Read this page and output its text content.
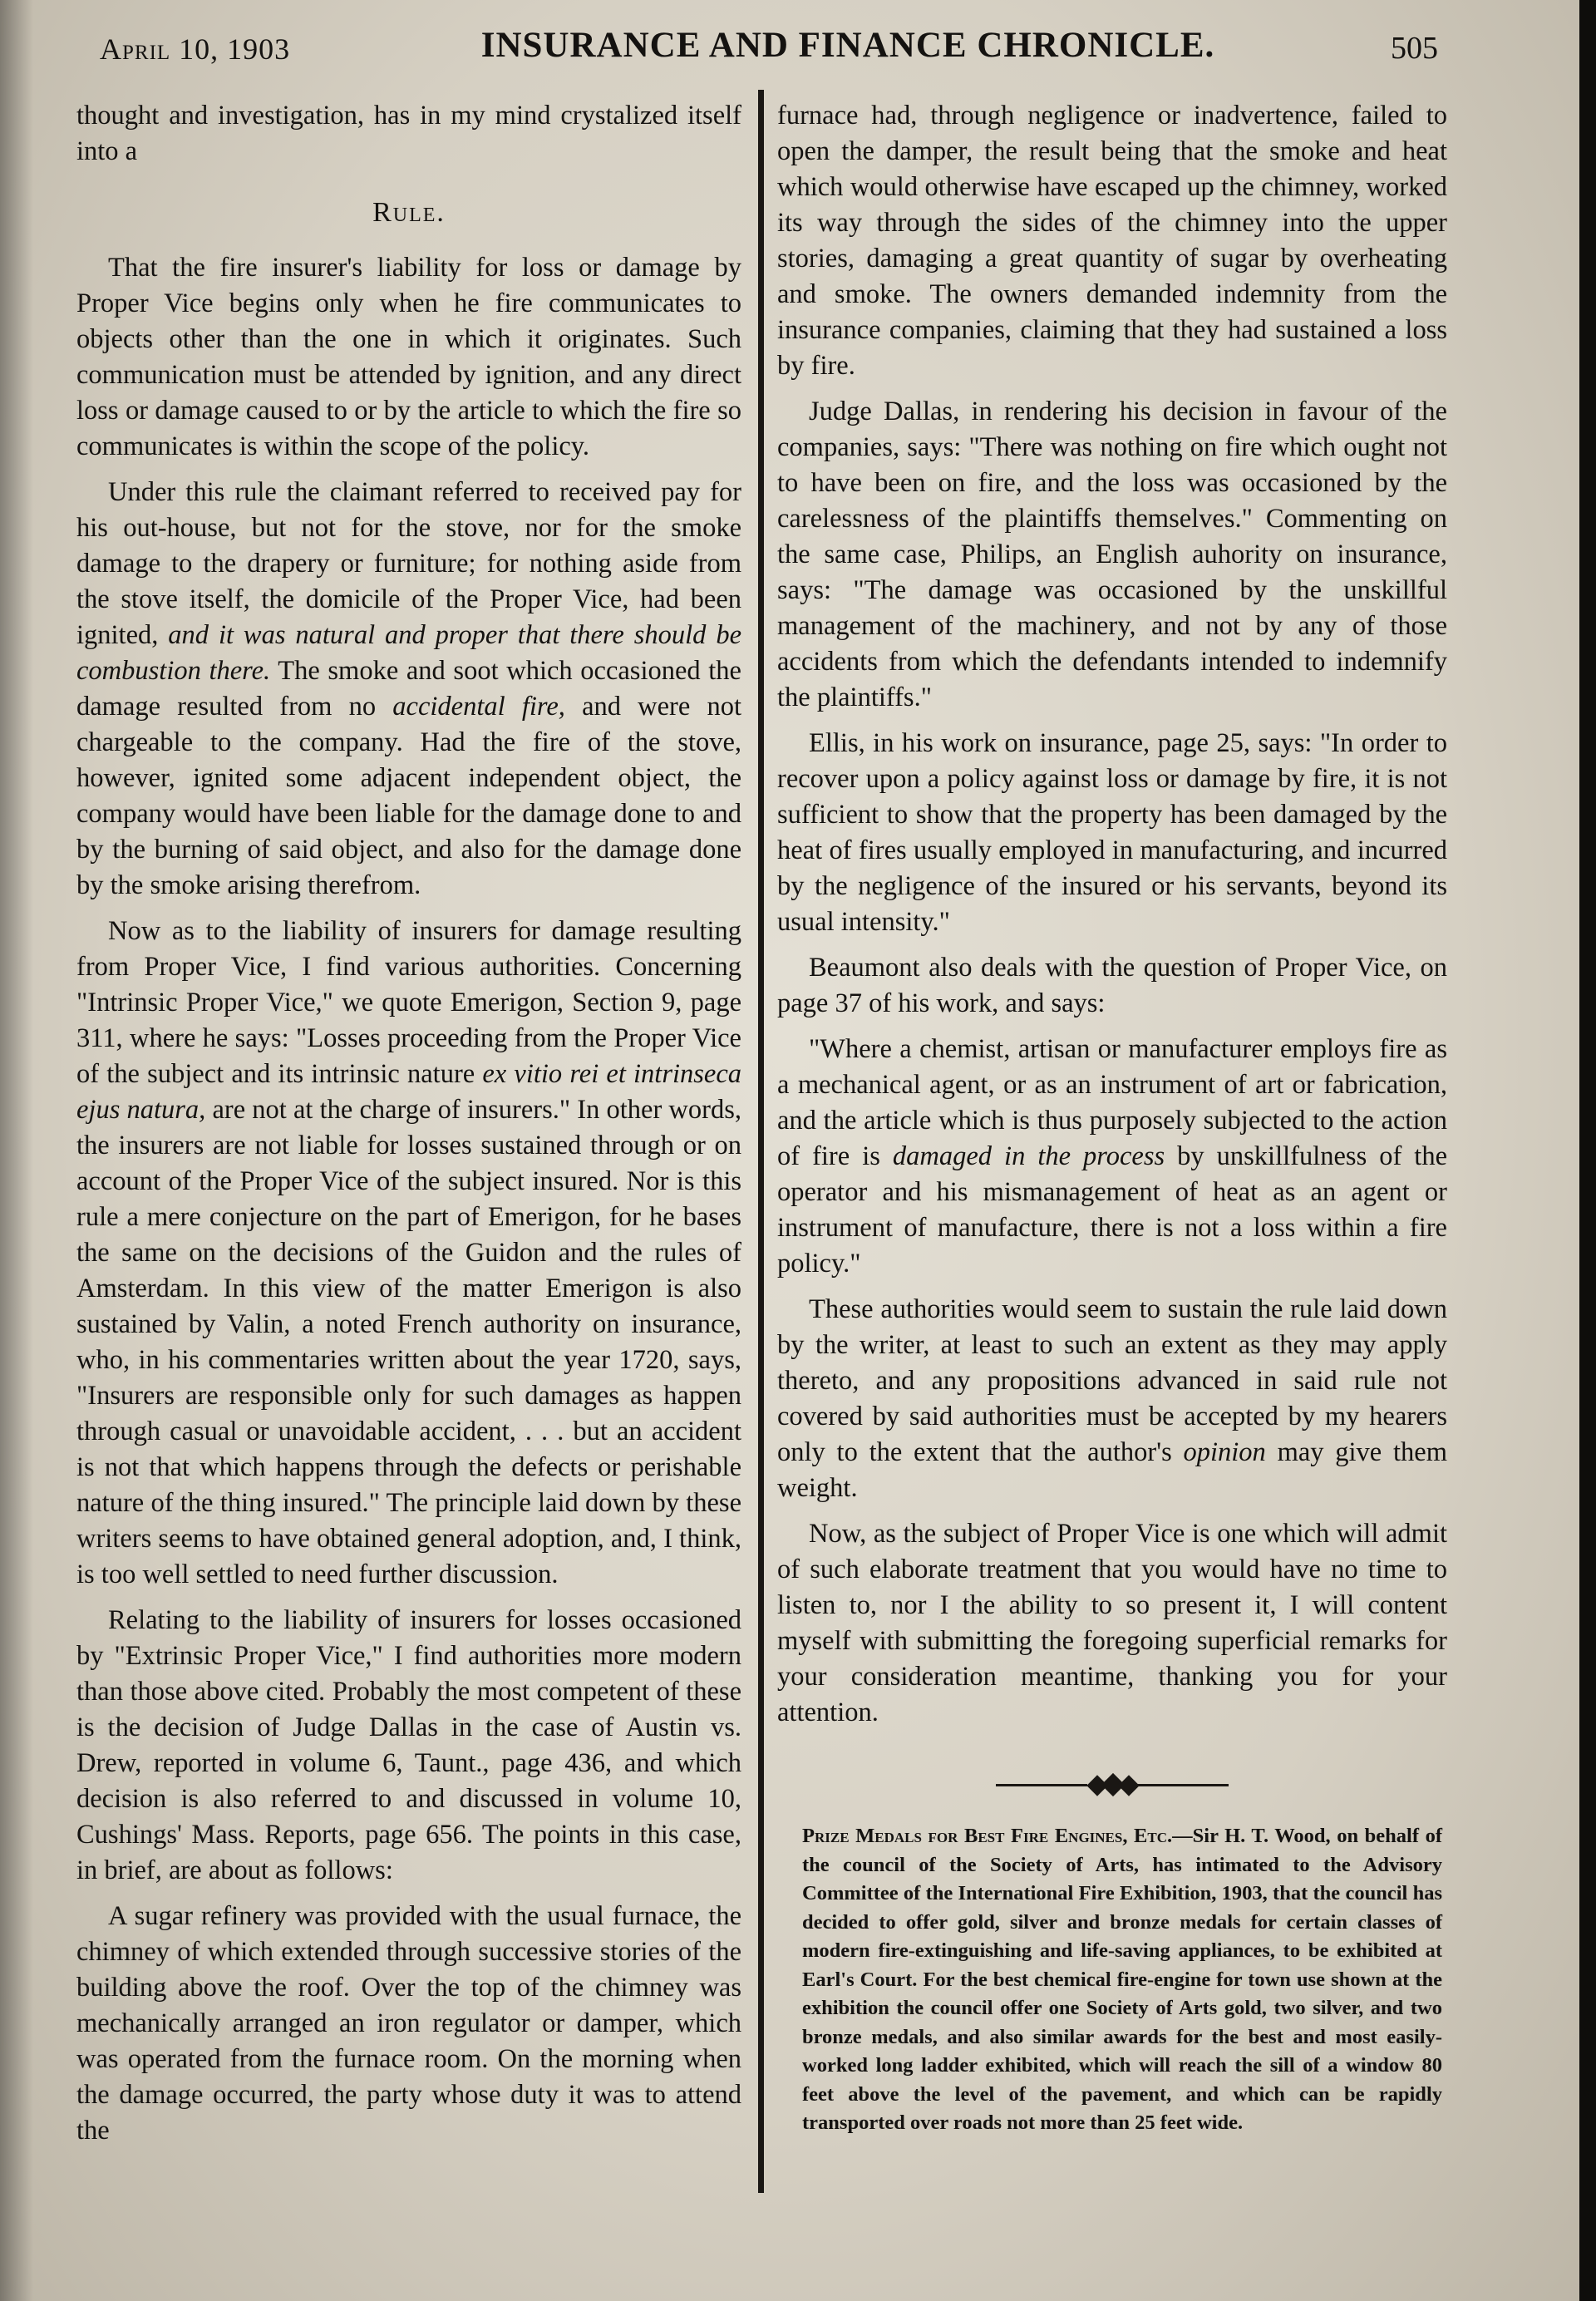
April 10, 1903	INSURANCE AND FINANCE CHRONICLE.	505

thought and investigation, has in my mind crystalized itself into a

Rule.

That the fire insurer's liability for loss or damage by Proper Vice begins only when he fire communicates to objects other than the one in which it originates. Such communication must be attended by ignition, and any direct loss or damage caused to or by the article to which the fire so communicates is within the scope of the policy.

Under this rule the claimant referred to received pay for his out-house, but not for the stove, nor for the smoke damage to the drapery or furniture; for nothing aside from the stove itself, the domicile of the Proper Vice, had been ignited, and it was natural and proper that there should be combustion there. The smoke and soot which occasioned the damage resulted from no accidental fire, and were not chargeable to the company. Had the fire of the stove, however, ignited some adjacent independent object, the company would have been liable for the damage done to and by the burning of said object, and also for the damage done by the smoke arising therefrom.

Now as to the liability of insurers for damage resulting from Proper Vice, I find various authorities. Concerning "Intrinsic Proper Vice," we quote Emerigon, Section 9, page 311, where he says: "Losses proceeding from the Proper Vice of the subject and its intrinsic nature ex vitio rei et intrinseca ejus natura, are not at the charge of insurers." In other words, the insurers are not liable for losses sustained through or on account of the Proper Vice of the subject insured. Nor is this rule a mere conjecture on the part of Emerigon, for he bases the same on the decisions of the Guidon and the rules of Amsterdam. In this view of the matter Emerigon is also sustained by Valin, a noted French authority on insurance, who, in his commentaries written about the year 1720, says, "Insurers are responsible only for such damages as happen through casual or unavoidable accident, . . . but an accident is not that which happens through the defects or perishable nature of the thing insured." The principle laid down by these writers seems to have obtained general adoption, and, I think, is too well settled to need further discussion.

Relating to the liability of insurers for losses occasioned by "Extrinsic Proper Vice," I find authorities more modern than those above cited. Probably the most competent of these is the decision of Judge Dallas in the case of Austin vs. Drew, reported in volume 6, Taunt., page 436, and which decision is also referred to and discussed in volume 10, Cushings' Mass. Reports, page 656. The points in this case, in brief, are about as follows:

A sugar refinery was provided with the usual furnace, the chimney of which extended through successive stories of the building above the roof. Over the top of the chimney was mechanically arranged an iron regulator or damper, which was operated from the furnace room. On the morning when the damage occurred, the party whose duty it was to attend the

furnace had, through negligence or inadvertence, failed to open the damper, the result being that the smoke and heat which would otherwise have escaped up the chimney, worked its way through the sides of the chimney into the upper stories, damaging a great quantity of sugar by overheating and smoke. The owners demanded indemnity from the insurance companies, claiming that they had sustained a loss by fire.

Judge Dallas, in rendering his decision in favour of the companies, says: "There was nothing on fire which ought not to have been on fire, and the loss was occasioned by the carelessness of the plaintiffs themselves." Commenting on the same case, Philips, an English auhority on insurance, says: "The damage was occasioned by the unskillful management of the machinery, and not by any of those accidents from which the defendants intended to indemnify the plaintiffs."

Ellis, in his work on insurance, page 25, says: "In order to recover upon a policy against loss or damage by fire, it is not sufficient to show that the property has been damaged by the heat of fires usually employed in manufacturing, and incurred by the negligence of the insured or his servants, beyond its usual intensity."

Beaumont also deals with the question of Proper Vice, on page 37 of his work, and says:

"Where a chemist, artisan or manufacturer employs fire as a mechanical agent, or as an instrument of art or fabrication, and the article which is thus purposely subjected to the action of fire is damaged in the process by unskillfulness of the operator and his mismanagement of heat as an agent or instrument of manufacture, there is not a loss within a fire policy."

These authorities would seem to sustain the rule laid down by the writer, at least to such an extent as they may apply thereto, and any propositions advanced in said rule not covered by said authorities must be accepted by my hearers only to the extent that the author's opinion may give them weight.

Now, as the subject of Proper Vice is one which will admit of such elaborate treatment that you would have no time to listen to, nor I the ability to so present it, I will content myself with submitting the foregoing superficial remarks for your consideration meantime, thanking you for your attention.

Prize Medals for Best Fire Engines, Etc.—Sir H. T. Wood, on behalf of the council of the Society of Arts, has intimated to the Advisory Committee of the International Fire Exhibition, 1903, that the council has decided to offer gold, silver and bronze medals for certain classes of modern fire-extinguishing and life-saving appliances, to be exhibited at Earl's Court. For the best chemical fire-engine for town use shown at the exhibition the council offer one Society of Arts gold, two silver, and two bronze medals, and also similar awards for the best and most easily-worked long ladder exhibited, which will reach the sill of a window 80 feet above the level of the pavement, and which can be rapidly transported over roads not more than 25 feet wide.
